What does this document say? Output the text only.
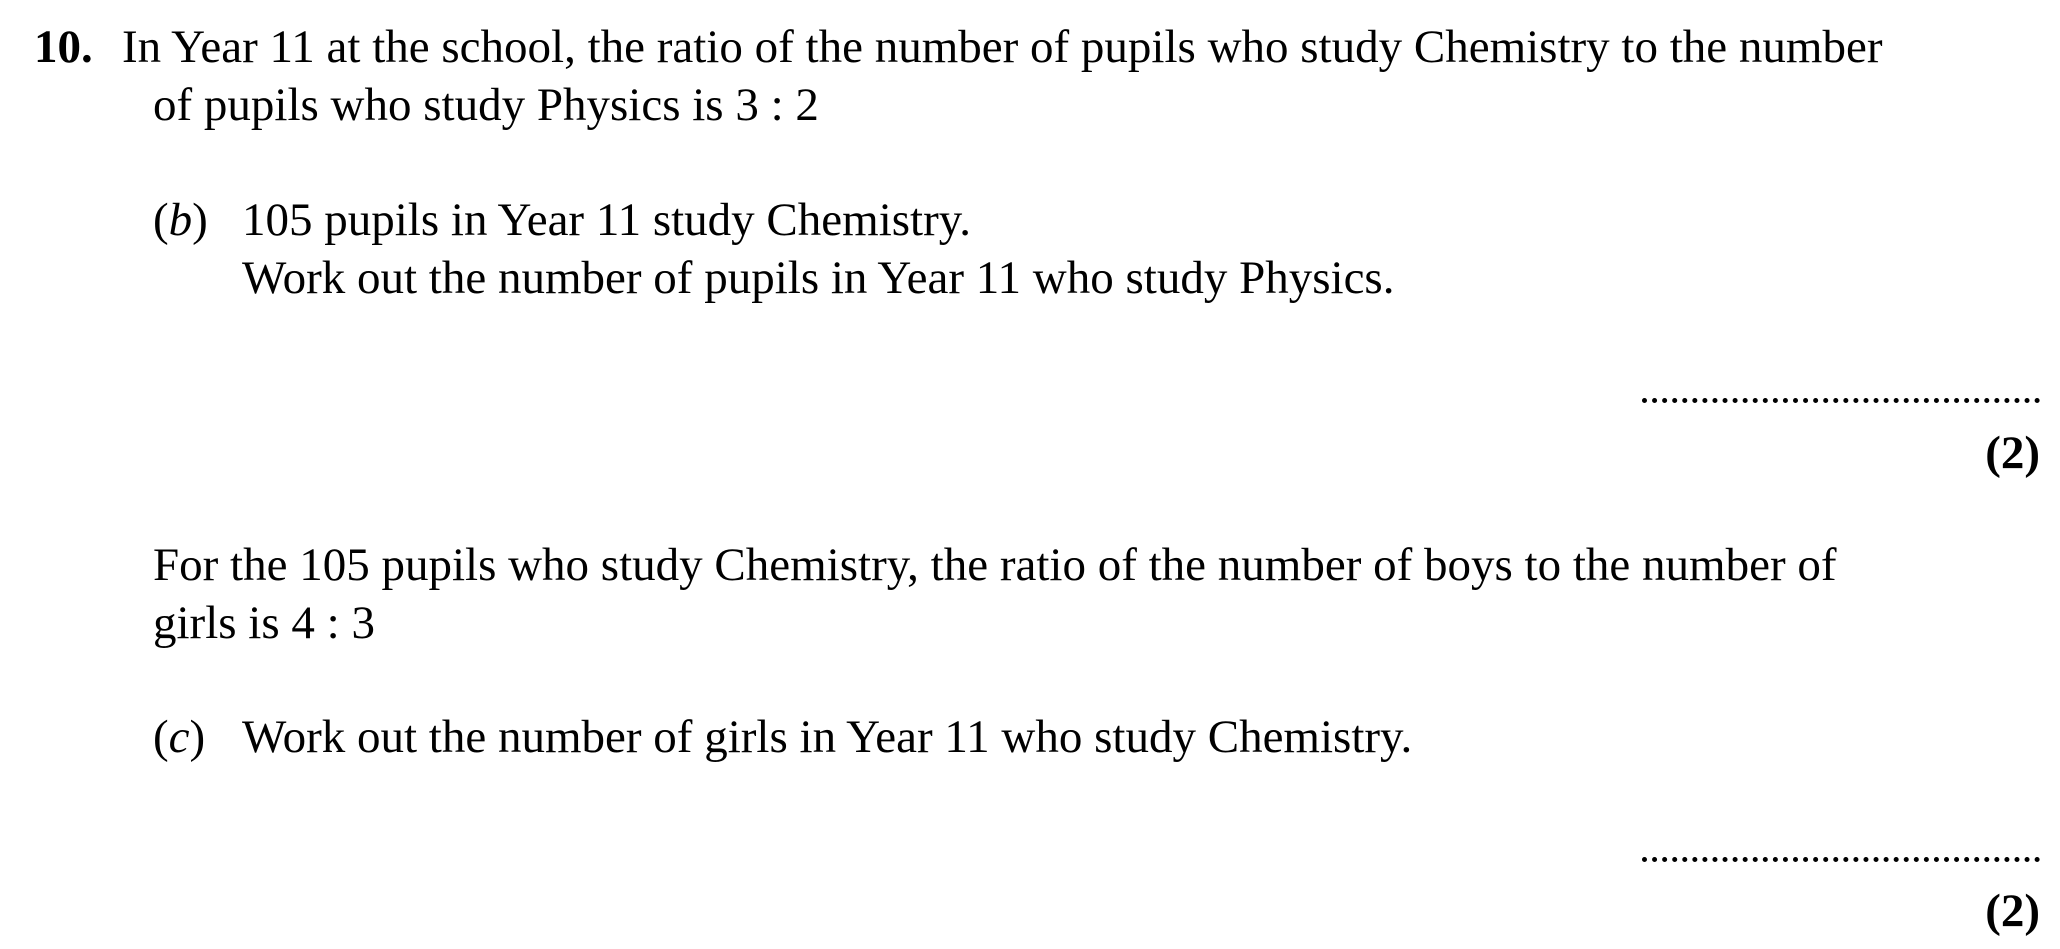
10. In Year 11 at the school, the ratio of the number of pupils who study Chemistry to the number
of pupils who study Physics is 3 : 2
(b) 105 pupils in Year 11 study Chemistry.
Work out the number of pupils in Year 11 who study Physics.
(2)
For the 105 pupils who study Chemistry, the ratio of the number of boys to the number of
girls is 4 : 3
(c) Work out the number of girls in Year 11 who study Chemistry.
(2)
